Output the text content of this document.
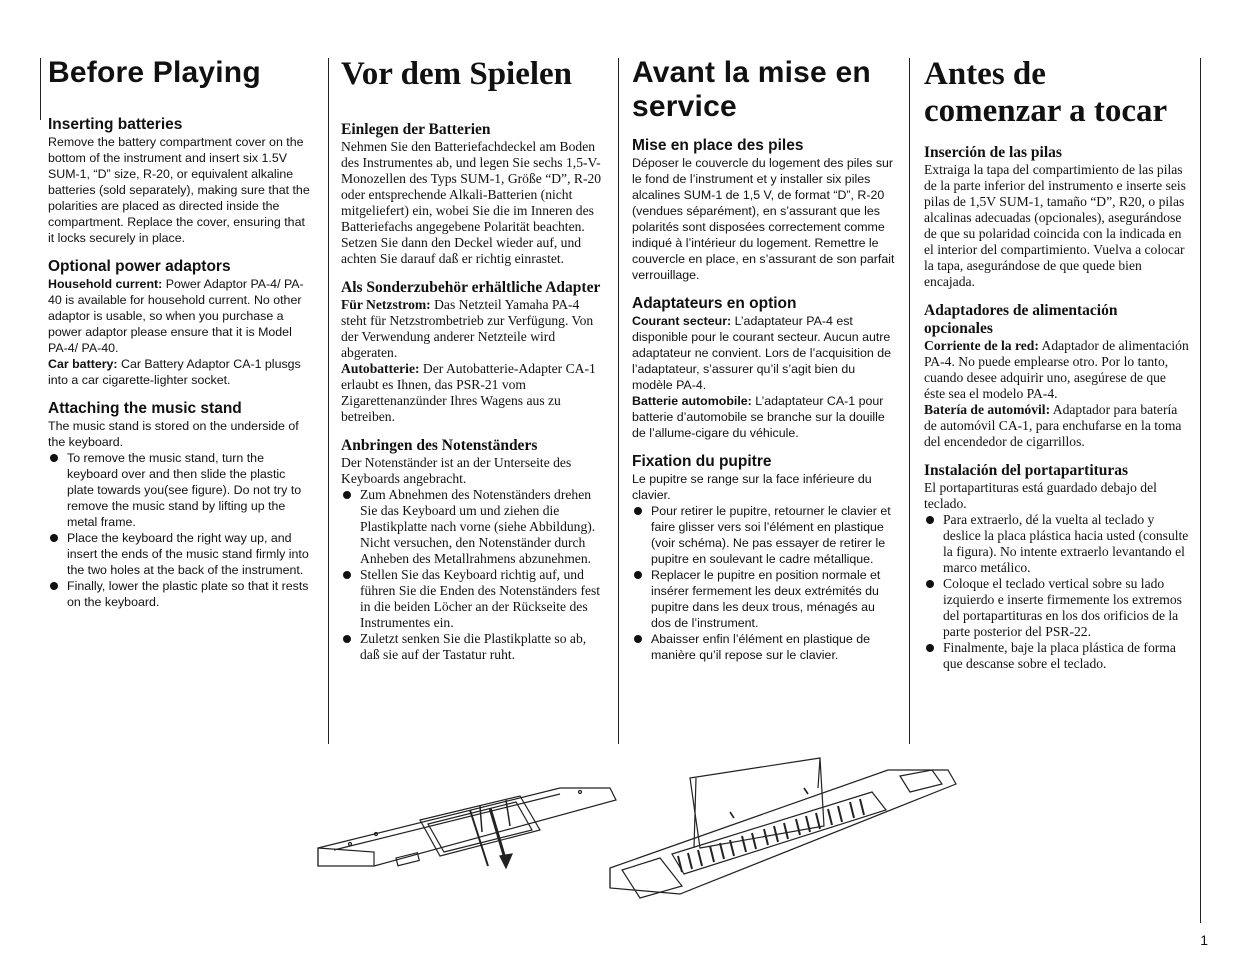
Before Playing
Inserting batteries

Remove the battery compartment cover on the bottom of the instrument and insert six 1.5V SUM-1, “D” size, R-20, or equivalent alkaline batteries (sold separately), making sure that the polarities are placed as directed inside the compartment. Replace the cover, ensuring that it locks securely in place.

Optional power adaptors

Household current: Power Adaptor PA-4/ PA-40 is available for household current. No other adaptor is usable, so when you purchase a power adaptor please ensure that it is Model PA-4/ PA-40.

Car battery: Car Battery Adaptor CA-1 plusgs into a car cigarette-lighter socket.

Attaching the music stand

The music stand is stored on the underside of the keyboard.

To remove the music stand, turn the keyboard over and then slide the plastic plate towards you(see figure). Do not try to remove the music stand by lifting up the metal frame.
Place the keyboard the right way up, and insert the ends of the music stand firmly into the two holes at the back of the instrument.
Finally, lower the plastic plate so that it rests on the keyboard.
Vor dem Spielen
Einlegen der Batterien

Nehmen Sie den Batteriefachdeckel am Boden des Instrumentes ab, und legen Sie sechs 1,5-V-Monozellen des Typs SUM-1, Größe “D”, R-20 oder entsprechende Alkali-Batterien (nicht mitgeliefert) ein, wobei Sie die im Inneren des Batteriefachs angegebene Polarität beachten. Setzen Sie dann den Deckel wieder auf, und achten Sie darauf daß er richtig einrastet.

Als Sonderzubehör erhältliche Adapter

Für Netzstrom: Das Netzteil Yamaha PA-4 steht für Netzstrombetrieb zur Verfügung. Von der Verwendung anderer Netzteile wird abgeraten.

Autobatterie: Der Autobatterie-Adapter CA-1 erlaubt es Ihnen, das PSR-21 vom Zigarettenanzünder Ihres Wagens aus zu betreiben.

Anbringen des Notenständers

Der Notenständer ist an der Unterseite des Keyboards angebracht.

Zum Abnehmen des Notenständers drehen Sie das Keyboard um und ziehen die Plastikplatte nach vorne (siehe Abbildung). Nicht versuchen, den Notenständer durch Anheben des Metallrahmens abzunehmen.
Stellen Sie das Keyboard richtig auf, und führen Sie die Enden des Notenständers fest in die beiden Löcher an der Rückseite des Instrumentes ein.
Zuletzt senken Sie die Plastikplatte so ab, daß sie auf der Tastatur ruht.
Avant la mise en service
Mise en place des piles

Déposer le couvercle du logement des piles sur le fond de l’instrument et y installer six piles alcalines SUM-1 de 1,5 V, de format “D”, R-20 (vendues séparément), en s’assurant que les polarités sont disposées correctement comme indiqué à l’intérieur du logement. Remettre le couvercle en place, en s’assurant de son parfait verrouillage.

Adaptateurs en option

Courant secteur: L’adaptateur PA-4 est disponible pour le courant secteur. Aucun autre adaptateur ne convient. Lors de l’acquisition de l’adaptateur, s’assurer qu’il s’agit bien du modèle PA-4.

Batterie automobile: L’adaptateur CA-1 pour batterie d’automobile se branche sur la douille de l’allume-cigare du véhicule.

Fixation du pupitre

Le pupitre se range sur la face inférieure du clavier.

Pour retirer le pupitre, retourner le clavier et faire glisser vers soi l’élément en plastique (voir schéma). Ne pas essayer de retirer le pupitre en soulevant le cadre métallique.
Replacer le pupitre en position normale et insérer fermement les deux extrémités du pupitre dans les deux trous, ménagés au dos de l’instrument.
Abaisser enfin l’élément en plastique de manière qu’il repose sur le clavier.
Antes de comenzar a tocar
Inserción de las pilas

Extraiga la tapa del compartimiento de las pilas de la parte inferior del instrumento e inserte seis pilas de 1,5V SUM-1, tamaño “D”, R20, o pilas alcalinas adecuadas (opcionales), asegurándose de que su polaridad coincida con la indicada en el interior del compartimiento. Vuelva a colocar la tapa, asegurándose de que quede bien encajada.

Adaptadores de alimentación opcionales

Corriente de la red: Adaptador de alimentación PA-4. No puede emplearse otro. Por lo tanto, cuando desee adquirir uno, asegúrese de que éste sea el modelo PA-4.

Batería de automóvil: Adaptador para batería de automóvil CA-1, para enchufarse en la toma del encendedor de cigarrillos.

Instalación del portapartituras

El portapartituras está guardado debajo del teclado.

Para extraerlo, dé la vuelta al teclado y deslice la placa plástica hacia usted (consulte la figura). No intente extraerlo levantando el marco metálico.
Coloque el teclado vertical sobre su lado izquierdo e inserte firmemente los extremos del portapartituras en los dos orificios de la parte posterior del PSR-22.
Finalmente, baje la placa plástica de forma que descanse sobre el teclado.
1
